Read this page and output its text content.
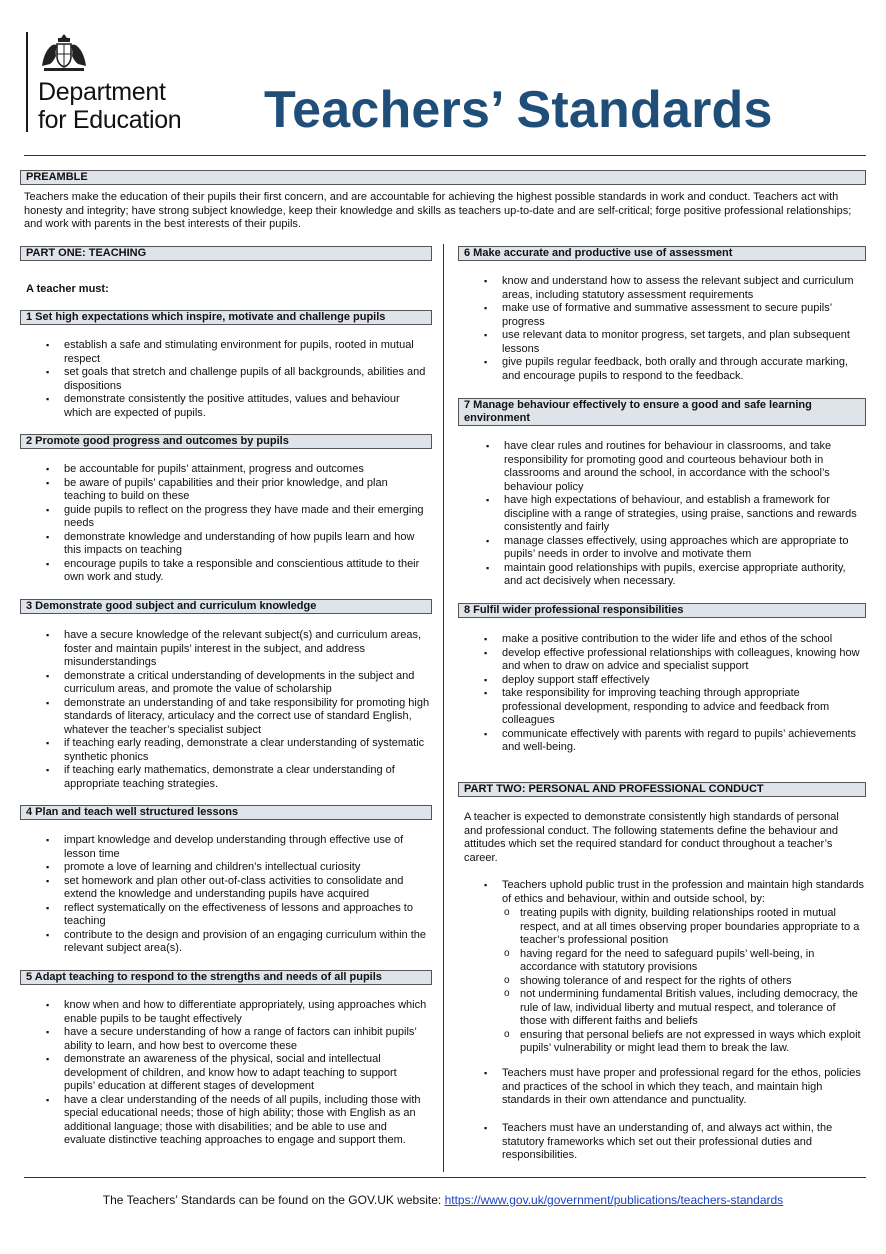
Department
for Education Teachers’ Standards
PREAMBLE
Teachers make the education of their pupils their first concern, and are accountable for achieving the highest possible standards in work and conduct. Teachers act with honesty and integrity; have strong subject knowledge, keep their knowledge and skills as teachers up-to-date and are self-critical; forge positive professional relationships; and work with parents in the best interests of their pupils.
PART ONE: TEACHING
A teacher must:
1 Set high expectations which inspire, motivate and challenge pupils
▪ establish a safe and stimulating environment for pupils, rooted in mutual respect
▪ set goals that stretch and challenge pupils of all backgrounds, abilities and dispositions
▪ demonstrate consistently the positive attitudes, values and behaviour which are expected of pupils.
2 Promote good progress and outcomes by pupils
▪ be accountable for pupils’ attainment, progress and outcomes
▪ be aware of pupils’ capabilities and their prior knowledge, and plan teaching to build on these
▪ guide pupils to reflect on the progress they have made and their emerging needs
▪ demonstrate knowledge and understanding of how pupils learn and how this impacts on teaching
▪ encourage pupils to take a responsible and conscientious attitude to their own work and study.
3 Demonstrate good subject and curriculum knowledge
▪ have a secure knowledge of the relevant subject(s) and curriculum areas, foster and maintain pupils’ interest in the subject, and address misunderstandings
▪ demonstrate a critical understanding of developments in the subject and curriculum areas, and promote the value of scholarship
▪ demonstrate an understanding of and take responsibility for promoting high standards of literacy, articulacy and the correct use of standard English, whatever the teacher’s specialist subject
▪ if teaching early reading, demonstrate a clear understanding of systematic synthetic phonics
▪ if teaching early mathematics, demonstrate a clear understanding of appropriate teaching strategies.
4 Plan and teach well structured lessons
▪ impart knowledge and develop understanding through effective use of lesson time
▪ promote a love of learning and children’s intellectual curiosity
▪ set homework and plan other out-of-class activities to consolidate and extend the knowledge and understanding pupils have acquired
▪ reflect systematically on the effectiveness of lessons and approaches to teaching
▪ contribute to the design and provision of an engaging curriculum within the relevant subject area(s).
5 Adapt teaching to respond to the strengths and needs of all pupils
▪ know when and how to differentiate appropriately, using approaches which enable pupils to be taught effectively
▪ have a secure understanding of how a range of factors can inhibit pupils’ ability to learn, and how best to overcome these
▪ demonstrate an awareness of the physical, social and intellectual development of children, and know how to adapt teaching to support pupils’ education at different stages of development
▪ have a clear understanding of the needs of all pupils, including those with special educational needs; those of high ability; those with English as an additional language; those with disabilities; and be able to use and evaluate distinctive teaching approaches to engage and support them.
6 Make accurate and productive use of assessment
▪ know and understand how to assess the relevant subject and curriculum areas, including statutory assessment requirements
▪ make use of formative and summative assessment to secure pupils’ progress
▪ use relevant data to monitor progress, set targets, and plan subsequent lessons
▪ give pupils regular feedback, both orally and through accurate marking, and encourage pupils to respond to the feedback.
7 Manage behaviour effectively to ensure a good and safe learning environment
▪ have clear rules and routines for behaviour in classrooms, and take responsibility for promoting good and courteous behaviour both in classrooms and around the school, in accordance with the school’s behaviour policy
▪ have high expectations of behaviour, and establish a framework for discipline with a range of strategies, using praise, sanctions and rewards consistently and fairly
▪ manage classes effectively, using approaches which are appropriate to pupils’ needs in order to involve and motivate them
▪ maintain good relationships with pupils, exercise appropriate authority, and act decisively when necessary.
8 Fulfil wider professional responsibilities
▪ make a positive contribution to the wider life and ethos of the school
▪ develop effective professional relationships with colleagues, knowing how and when to draw on advice and specialist support
▪ deploy support staff effectively
▪ take responsibility for improving teaching through appropriate professional development, responding to advice and feedback from colleagues
▪ communicate effectively with parents with regard to pupils’ achievements and well-being.
PART TWO: PERSONAL AND PROFESSIONAL CONDUCT
A teacher is expected to demonstrate consistently high standards of personal and professional conduct. The following statements define the behaviour and attitudes which set the required standard for conduct throughout a teacher’s career.
▪ Teachers uphold public trust in the profession and maintain high standards of ethics and behaviour, within and outside school, by:
o treating pupils with dignity, building relationships rooted in mutual respect, and at all times observing proper boundaries appropriate to a teacher’s professional position
o having regard for the need to safeguard pupils’ well-being, in accordance with statutory provisions
o showing tolerance of and respect for the rights of others
o not undermining fundamental British values, including democracy, the rule of law, individual liberty and mutual respect, and tolerance of those with different faiths and beliefs
o ensuring that personal beliefs are not expressed in ways which exploit pupils’ vulnerability or might lead them to break the law.
▪ Teachers must have proper and professional regard for the ethos, policies and practices of the school in which they teach, and maintain high standards in their own attendance and punctuality.
▪ Teachers must have an understanding of, and always act within, the statutory frameworks which set out their professional duties and responsibilities.
The Teachers’ Standards can be found on the GOV.UK website: https://www.gov.uk/government/publications/teachers-standards
